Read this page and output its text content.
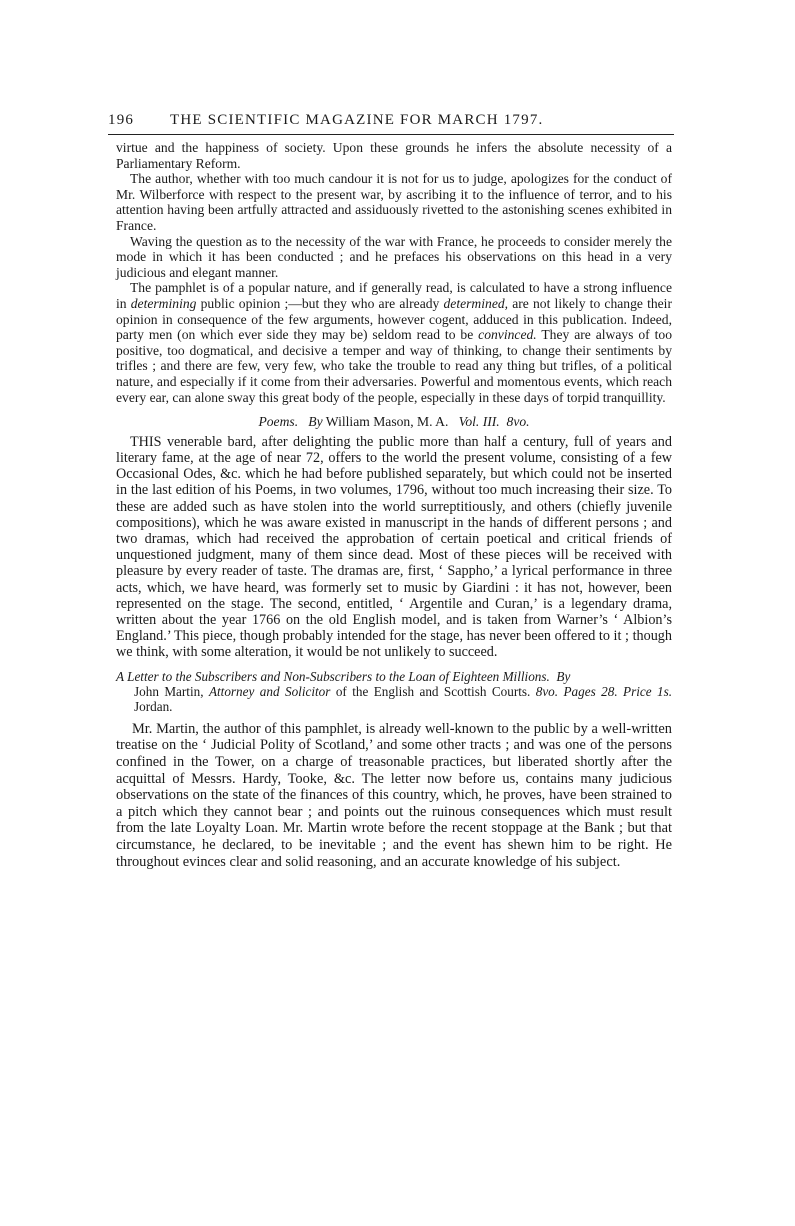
196 THE SCIENTIFIC MAGAZINE FOR MARCH 1797.

virtue and the happiness of society. Upon these grounds he infers the absolute necessity of a Parliamentary Reform.

The author, whether with too much candour it is not for us to judge, apologizes for the conduct of Mr. Wilberforce with respect to the present war, by ascribing it to the influence of terror, and to his attention having been artfully attracted and assiduously rivetted to the astonishing scenes exhibited in France.

Waving the question as to the necessity of the war with France, he proceeds to consider merely the mode in which it has been conducted ; and he prefaces his observations on this head in a very judicious and elegant manner.

The pamphlet is of a popular nature, and if generally read, is calculated to have a strong influence in determining public opinion ;—but they who are already determined, are not likely to change their opinion in consequence of the few arguments, however cogent, adduced in this publication. Indeed, party men (on which ever side they may be) seldom read to be convinced. They are always of too positive, too dogmatical, and decisive a temper and way of thinking, to change their sentiments by trifles ; and there are few, very few, who take the trouble to read any thing but trifles, of a political nature, and especially if it come from their adversaries. Powerful and momentous events, which reach every ear, can alone sway this great body of the people, especially in these days of torpid tranquillity.

Poems. By William Mason, M. A. Vol. III. 8vo.

THIS venerable bard, after delighting the public more than half a century, full of years and literary fame, at the age of near 72, offers to the world the present volume, consisting of a few Occasional Odes, &c. which he had before published separately, but which could not be inserted in the last edition of his Poems, in two volumes, 1796, without too much increasing their size. To these are added such as have stolen into the world surreptitiously, and others (chiefly juvenile compositions), which he was aware existed in manuscript in the hands of different persons ; and two dramas, which had received the approbation of certain poetical and critical friends of unquestioned judgment, many of them since dead. Most of these pieces will be received with pleasure by every reader of taste. The dramas are, first, ‘ Sappho,’ a lyrical performance in three acts, which, we have heard, was formerly set to music by Giardini : it has not, however, been represented on the stage. The second, entitled, ‘ Argentile and Curan,’ is a legendary drama, written about the year 1766 on the old English model, and is taken from Warner’s ‘ Albion’s England.’ This piece, though probably intended for the stage, has never been offered to it ; though we think, with some alteration, it would be not unlikely to succeed.

A Letter to the Subscribers and Non-Subscribers to the Loan of Eighteen Millions. By
John Martin, Attorney and Solicitor of the English and Scottish Courts. 8vo. Pages 28. Price 1s. Jordan.

Mr. Martin, the author of this pamphlet, is already well-known to the public by a well-written treatise on the ‘ Judicial Polity of Scotland,’ and some other tracts ; and was one of the persons confined in the Tower, on a charge of treasonable practices, but liberated shortly after the acquittal of Messrs. Hardy, Tooke, &c. The letter now before us, contains many judicious observations on the state of the finances of this country, which, he proves, have been strained to a pitch which they cannot bear ; and points out the ruinous consequences which must result from the late Loyalty Loan. Mr. Martin wrote before the recent stoppage at the Bank ; but that circumstance, he declared, to be inevitable ; and the event has shewn him to be right. He throughout evinces clear and solid reasoning, and an accurate knowledge of his subject.
